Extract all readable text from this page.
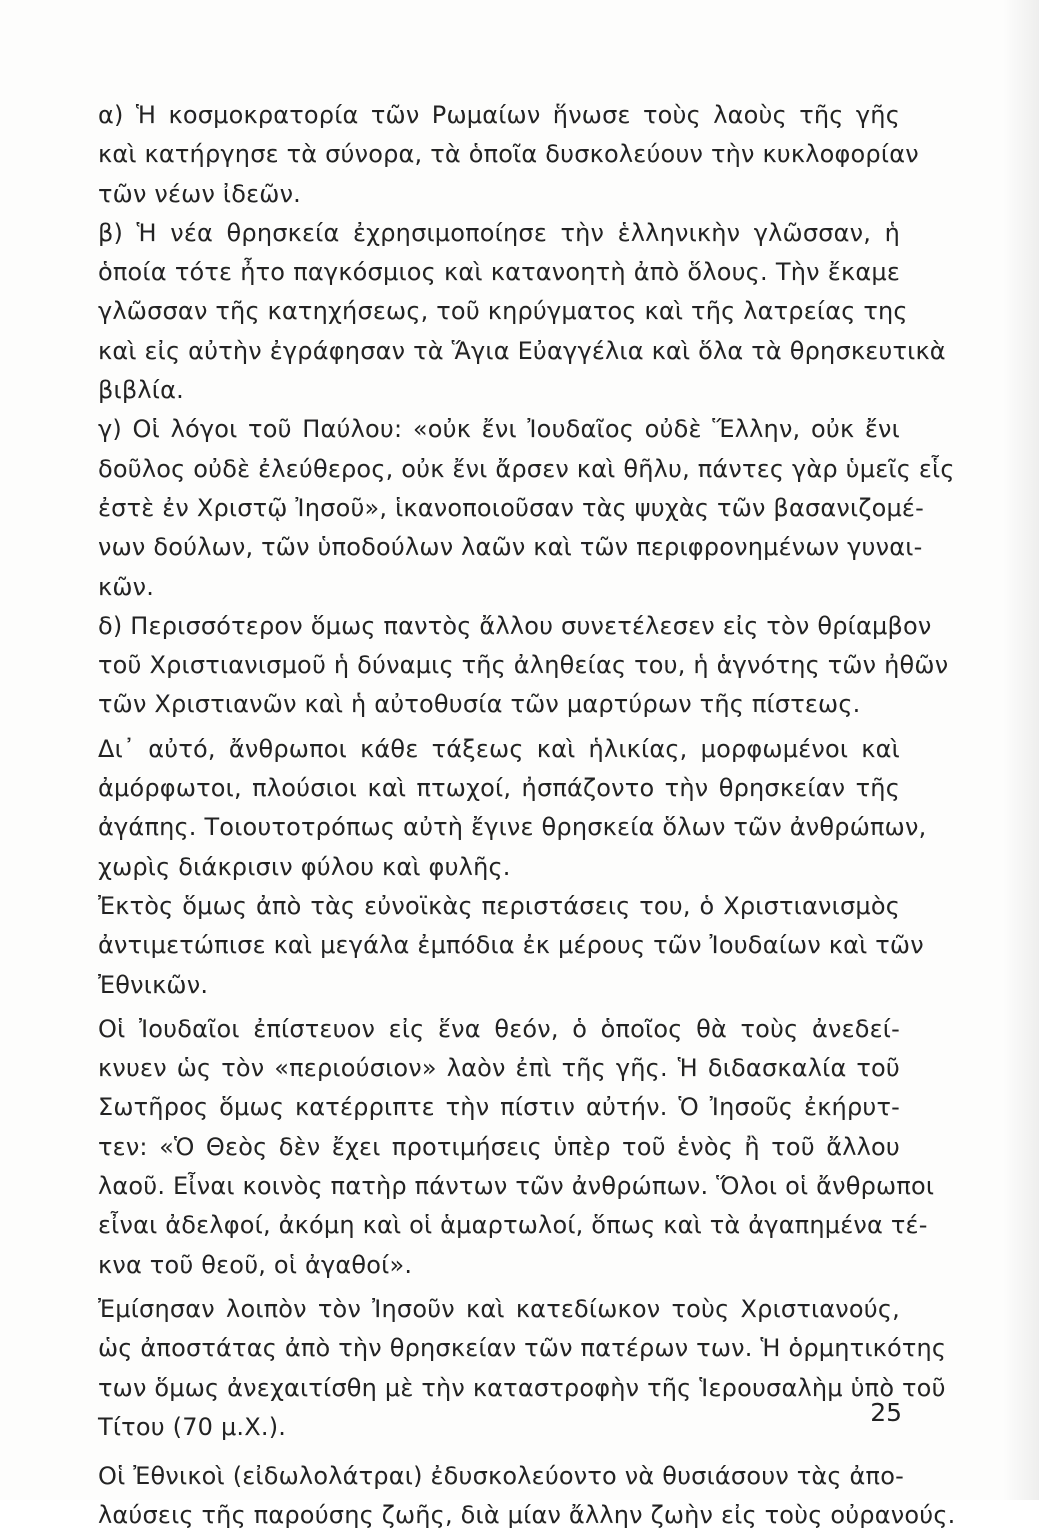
α) Ἡ κοσμοκρατορία τῶν Ρωμαίων ἥνωσε τοὺς λαοὺς τῆς γῆς
καὶ κατήργησε τὰ σύνορα, τὰ ὁποῖα δυσκολεύουν τὴν κυκλοφορίαν
τῶν νέων ἰδεῶν.
β) Ἡ νέα θρησκεία ἐχρησιμοποίησε τὴν ἑλληνικὴν γλῶσσαν, ἡ
ὁποία τότε ἦτο παγκόσμιος καὶ κατανοητὴ ἀπὸ ὅλους. Τὴν ἔκαμε
γλῶσσαν τῆς κατηχήσεως, τοῦ κηρύγματος καὶ τῆς λατρείας της
καὶ εἰς αὐτὴν ἐγράφησαν τὰ Ἅγια Εὐαγγέλια καὶ ὅλα τὰ θρησκευτικὰ
βιβλία.
γ) Οἱ λόγοι τοῦ Παύλου: «οὐκ ἔνι Ἰουδαῖος οὐδὲ Ἕλλην, οὐκ ἔνι
δοῦλος οὐδὲ ἐλεύθερος, οὐκ ἔνι ἄρσεν καὶ θῆλυ, πάντες γὰρ ὑμεῖς εἷς
ἐστὲ ἐν Χριστῷ Ἰησοῦ», ἱκανοποιοῦσαν τὰς ψυχὰς τῶν βασανιζομέ-
νων δούλων, τῶν ὑποδούλων λαῶν καὶ τῶν περιφρονημένων γυναι-
κῶν.
δ) Περισσότερον ὅμως παντὸς ἄλλου συνετέλεσεν εἰς τὸν θρίαμβον
τοῦ Χριστιανισμοῦ ἡ δύναμις τῆς ἀληθείας του, ἡ ἁγνότης τῶν ἠθῶν
τῶν Χριστιανῶν καὶ ἡ αὐτοθυσία τῶν μαρτύρων τῆς πίστεως.
Δι᾽ αὐτό, ἄνθρωποι κάθε τάξεως καὶ ἡλικίας, μορφωμένοι καὶ
ἀμόρφωτοι, πλούσιοι καὶ πτωχοί, ἠσπάζοντο τὴν θρησκείαν τῆς
ἀγάπης. Τοιουτοτρόπως αὐτὴ ἔγινε θρησκεία ὅλων τῶν ἀνθρώπων,
χωρὶς διάκρισιν φύλου καὶ φυλῆς.
Ἐκτὸς ὅμως ἀπὸ τὰς εὐνοϊκὰς περιστάσεις του, ὁ Χριστιανισμὸς
ἀντιμετώπισε καὶ μεγάλα ἐμπόδια ἐκ μέρους τῶν Ἰουδαίων καὶ τῶν
Ἐθνικῶν.
Οἱ Ἰουδαῖοι ἐπίστευον εἰς ἕνα θεόν, ὁ ὁποῖος θὰ τοὺς ἀνεδεί-
κνυεν ὡς τὸν «περιούσιον» λαὸν ἐπὶ τῆς γῆς. Ἡ διδασκαλία τοῦ
Σωτῆρος ὅμως κατέρριπτε τὴν πίστιν αὐτήν. Ὁ Ἰησοῦς ἐκήρυτ-
τεν: «Ὁ Θεὸς δὲν ἔχει προτιμήσεις ὑπὲρ τοῦ ἑνὸς ἢ τοῦ ἄλλου
λαοῦ. Εἶναι κοινὸς πατὴρ πάντων τῶν ἀνθρώπων. Ὅλοι οἱ ἄνθρωποι
εἶναι ἀδελφοί, ἀκόμη καὶ οἱ ἁμαρτωλοί, ὅπως καὶ τὰ ἀγαπημένα τέ-
κνα τοῦ θεοῦ, οἱ ἀγαθοί».
Ἐμίσησαν λοιπὸν τὸν Ἰησοῦν καὶ κατεδίωκον τοὺς Χριστιανούς,
ὡς ἀποστάτας ἀπὸ τὴν θρησκείαν τῶν πατέρων των. Ἡ ὁρμητικότης
των ὅμως ἀνεχαιτίσθη μὲ τὴν καταστροφὴν τῆς Ἱερουσαλὴμ ὑπὸ τοῦ
Τίτου (70 μ.Χ.).
Οἱ Ἐθνικοὶ (εἰδωλολάτραι) ἐδυσκολεύοντο νὰ θυσιάσουν τὰς ἀπο-
λαύσεις τῆς παρούσης ζωῆς, διὰ μίαν ἄλλην ζωὴν εἰς τοὺς οὐρανούς.
25
